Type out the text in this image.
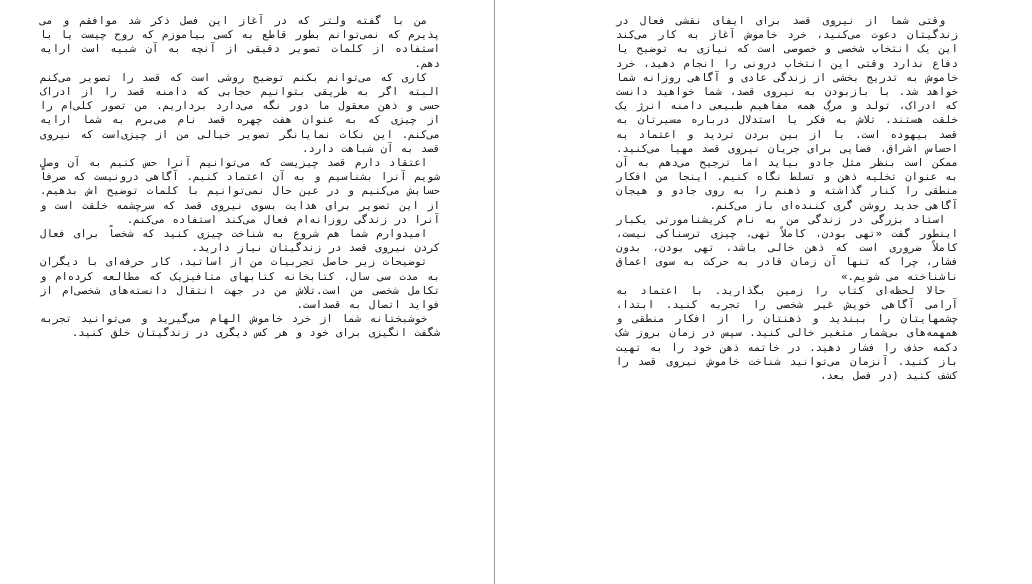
من با گفته ولتر که در آغاز این فصل ذکر شد موافقم و می پذیرم که نمی‌توانم بطور قاطع به کسی بیاموزم که روح چیست یا با استفاده از کلمات تصویر دقیقی از آنچه به آن شبیه است ارایه دهم.

کاری که می‌توانم بکنم توضیح روشی است که قصد را تصویر می‌کنم البته اگر به طریقی بتوانیم حجابی که دامنه قصد را از ادراک حسی و ذهن معقول ما دور نگه می‌دارد برداریم. من تصور کلی‌ام را از چیزی که به عنوان هفت چهره قصد نام می‌برم به شما ارایه می‌کنم. این نکات نمایانگر تصویر خیالی من از چیزی‌است که نیروی قصد به آن شباهت دارد.

اعتقاد دارم قصد چیزیست که می‌توانیم آنرا حس کنیم به آن وصل شویم آنرا بشناسیم و به آن اعتماد کنیم. آگاهی درونیست که صرفاً حسابش می‌کنیم و در عین حال نمی‌توانیم با کلمات توضیح اش بدهیم. از این تصویر برای هدایت بسوی نیروی قصد که سرچشمه خلقت است و آنرا در زندگی روزانه‌ام فعال می‌کند استفاده می‌کنم.

امیدوارم شما هم شروع به شناخت چیزی کنید که شخصاً برای فعال کردن نیروی قصد در زندگیتان نیاز دارید.

توضیحات زیر حاصل تجربیات من از اساتید، کار حرفه‌ای با دیگران به مدت سی سال، کتابخانه کتابهای متافیزیک که مطالعه کرده‌ام و تکامل شخصی من است.تلاش من در جهت انتقال دانسته‌های شخصی‌ام از فواید اتصال به قصداست.

خوشبختانه شما از خرد خاموش الهام می‌گیرید و می‌توانید تجربه شگفت انگیزی برای خود و هر کس دیگری در زندگیتان خلق کنید.

وقتی شما از نیروی قصد برای ایفای نقشی فعال در زندگیتان دعوت می‌کنید، خرد خاموش آغاز به کار می‌کند این یک انتخاب شخصی و خصوصی است که نیازی به توضیح یا دفاع ندارد وقتی این انتخاب درونی را انجام دهید، خرد خاموش به تدریج بخشی از زندگی عادی و آگاهی روزانه شما خواهد شد. با بازبودن به نیروی قصد، شما خواهید دانست که ادراک، تولد و مرگ همه مفاهیم طبیعی دامنه انرژ یک خلقت هستند. تلاش به فکر یا استدلال درباره مسیرتان به قصد بیهوده است. با از بین بردن تردید و اعتماد به احساس اشراق، فضایی برای جریان نیروی قصد مهیا می‌کنید. ممکن است بنظر مثل جادو بیاید اما ترجیح می‌دهم به آن به عنوان تخلیه ذهن و تسلط نگاه کنیم. اینجا من افکار منطقی را کنار گذاشته و ذهنم را به روی جادو و هیجان آگاهی جدید روشن گری کننده‌ای باز می‌کنم.

استاد بزرگی در زندگی من به نام کریشنامورتی یکبار اینطور گفت «تهی بودن، کاملاً تهی، چیزی ترسناکی نیست، کاملاً ضروری است که ذهن خالی باشد، تهی بودن، بدون فشار، چرا که تنها آن زمان قادر به حرکت به سوی اعماق ناشناخته می شویم.»

حالا لحظه‌ای کتاب را زمین بگذارید. با اعتماد به آرامی آگاهی خویش غیر شخصی را تجربه کنید. ابتدا، چشمهایتان را ببندید و ذهنتان را از افکار منطقی و همهمه‌های بی‌شمار متغیر خالی کنید. سپس در زمان بروز شک دکمه حذف را فشار دهید. در خاتمه ذهن خود را به تهیت باز کنید. آنزمان می‌توانید شناخت خاموش نیروی قصد را کشف کنید (در فصل بعد،
